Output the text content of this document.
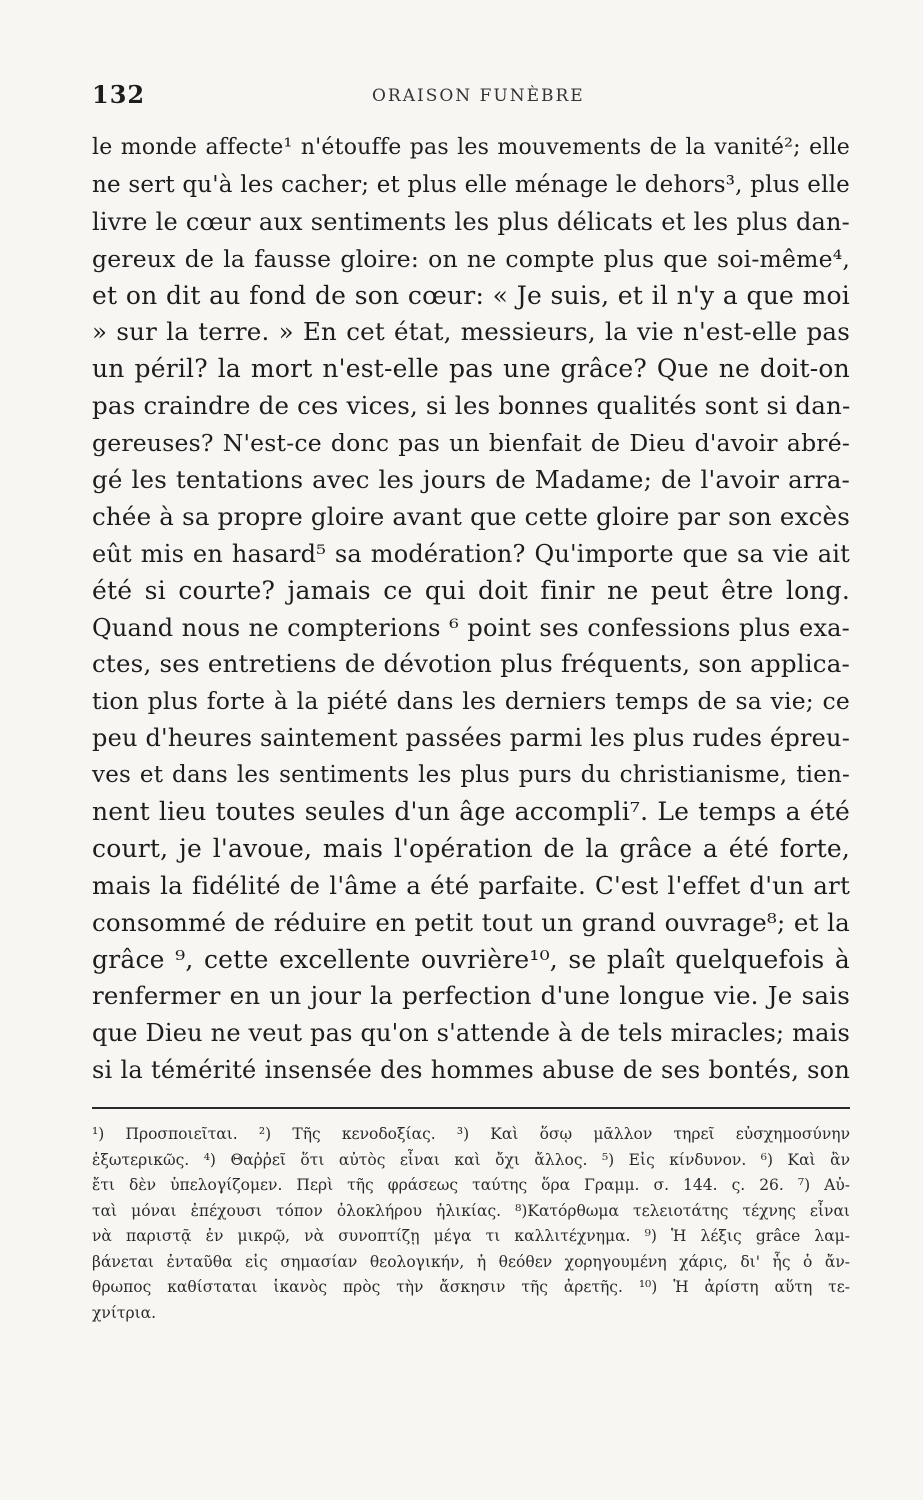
132	ORAISON FUNÈBRE
le monde affecte¹ n'étouffe pas les mouvements de la vanité²; elle
ne sert qu'à les cacher; et plus elle ménage le dehors³, plus elle
livre le cœur aux sentiments les plus délicats et les plus dan-
gereux de la fausse gloire: on ne compte plus que soi-même⁴,
et on dit au fond de son cœur: « Je suis, et il n'y a que moi
» sur la terre. » En cet état, messieurs, la vie n'est-elle pas
un péril? la mort n'est-elle pas une grâce? Que ne doit-on
pas craindre de ces vices, si les bonnes qualités sont si dan-
gereuses? N'est-ce donc pas un bienfait de Dieu d'avoir abré-
gé les tentations avec les jours de Madame; de l'avoir arra-
chée à sa propre gloire avant que cette gloire par son excès
eût mis en hasard⁵ sa modération? Qu'importe que sa vie ait
été si courte? jamais ce qui doit finir ne peut être long.
Quand nous ne compterions ⁶ point ses confessions plus exa-
ctes, ses entretiens de dévotion plus fréquents, son applica-
tion plus forte à la piété dans les derniers temps de sa vie; ce
peu d'heures saintement passées parmi les plus rudes épreu-
ves et dans les sentiments les plus purs du christianisme, tien-
nent lieu toutes seules d'un âge accompli⁷. Le temps a été
court, je l'avoue, mais l'opération de la grâce a été forte,
mais la fidélité de l'âme a été parfaite. C'est l'effet d'un art
consommé de réduire en petit tout un grand ouvrage⁸; et la
grâce ⁹, cette excellente ouvrière¹⁰, se plaît quelquefois à
renfermer en un jour la perfection d'une longue vie. Je sais
que Dieu ne veut pas qu'on s'attende à de tels miracles; mais
si la témérité insensée des hommes abuse de ses bontés, son
¹) Προσποιεῖται. ²) Τῆς κενοδοξίας. ³) Καὶ ὅσῳ μᾶλλον τηρεῖ εὐσχημοσύνην
ἐξωτερικῶς. ⁴) Θαῤῥεῖ ὅτι αὐτὸς εἶναι καὶ ὄχι ἄλλος. ⁵) Εἰς κίνδυνον. ⁶) Καὶ ἂν
ἔτι δὲν ὑπελογίζομεν. Περὶ τῆς φράσεως ταύτης ὅρα Γραμμ. σ. 144. ς. 26. ⁷) Αὐ-
ταὶ μόναι ἐπέχουσι τόπον ὁλοκλήρου ἡλικίας. ⁸)Κατόρθωμα τελειοτάτης τέχνης εἶναι
νὰ παριστᾷ ἐν μικρῷ, νὰ συνοπτίζῃ μέγα τι καλλιτέχνημα. ⁹) Ἡ λέξις grâce λαμ-
βάνεται ἐνταῦθα εἰς σημασίαν θεολογικήν, ἡ θεόθεν χορηγουμένη χάρις, δι' ἧς ὁ ἄν-
θρωπος καθίσταται ἱκανὸς πρὸς τὴν ἄσκησιν τῆς ἀρετῆς. ¹⁰) Ἡ ἀρίστη αὕτη τε-
χνίτρια.
